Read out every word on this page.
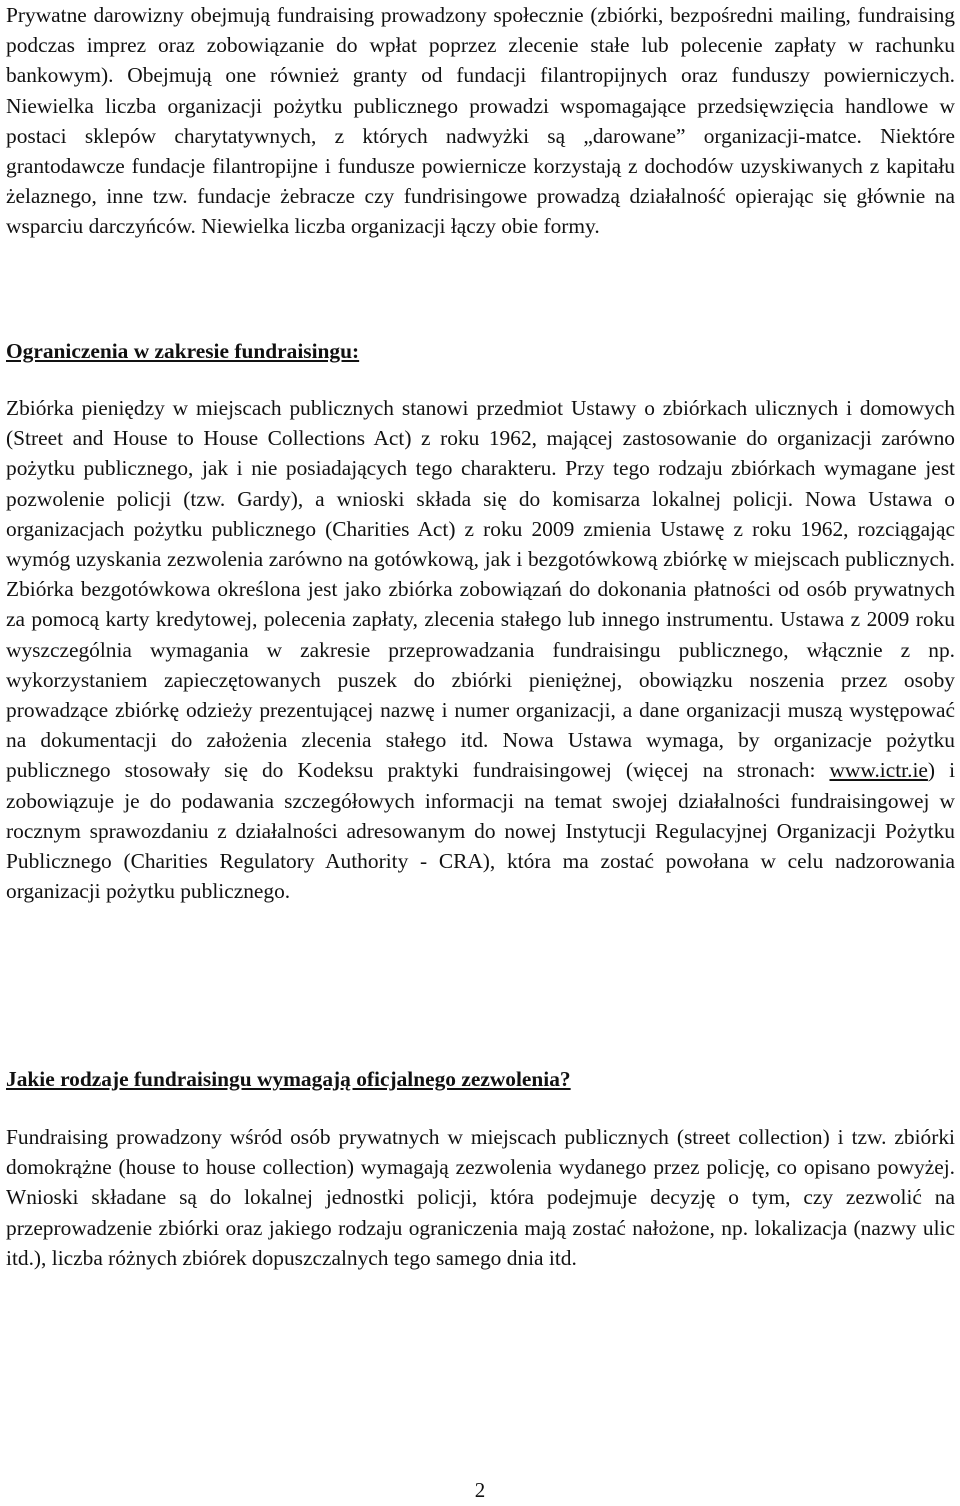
Prywatne darowizny obejmują fundraising prowadzony społecznie (zbiórki, bezpośredni mailing, fundraising podczas imprez oraz zobowiązanie do wpłat poprzez zlecenie stałe lub polecenie zapłaty w rachunku bankowym). Obejmują one również granty od fundacji filantropijnych oraz funduszy powierniczych. Niewielka liczba organizacji pożytku publicznego prowadzi wspomagające przedsięwzięcia handlowe w postaci sklepów charytatywnych, z których nadwyżki są „darowane” organizacji-matce. Niektóre grantodawcze fundacje filantropijne i fundusze powiernicze korzystają z dochodów uzyskiwanych z kapitału żelaznego, inne tzw. fundacje żebracze czy fundrisingowe prowadzą działalność opierając się głównie na wsparciu darczyńców. Niewielka liczba organizacji łączy obie formy.

Ograniczenia w zakresie fundraisingu:

Zbiórka pieniędzy w miejscach publicznych stanowi przedmiot Ustawy o zbiórkach ulicznych i domowych (Street and House to House Collections Act) z roku 1962, mającej zastosowanie do organizacji zarówno pożytku publicznego, jak i nie posiadających tego charakteru. Przy tego rodzaju zbiórkach wymagane jest pozwolenie policji (tzw. Gardy), a wnioski składa się do komisarza lokalnej policji. Nowa Ustawa o organizacjach pożytku publicznego (Charities Act) z roku 2009 zmienia Ustawę z roku 1962, rozciągając wymóg uzyskania zezwolenia zarówno na gotówkową, jak i bezgotówkową zbiórkę w miejscach publicznych. Zbiórka bezgotówkowa określona jest jako zbiórka zobowiązań do dokonania płatności od osób prywatnych za pomocą karty kredytowej, polecenia zapłaty, zlecenia stałego lub innego instrumentu. Ustawa z 2009 roku wyszczególnia wymagania w zakresie przeprowadzania fundraisingu publicznego, włącznie z np. wykorzystaniem zapieczętowanych puszek do zbiórki pieniężnej, obowiązku noszenia przez osoby prowadzące zbiórkę odzieży prezentującej nazwę i numer organizacji, a dane organizacji muszą występować na dokumentacji do założenia zlecenia stałego itd. Nowa Ustawa wymaga, by organizacje pożytku publicznego stosowały się do Kodeksu praktyki fundraisingowej (więcej na stronach: www.ictr.ie) i zobowiązuje je do podawania szczegółowych informacji na temat swojej działalności fundraisingowej w rocznym sprawozdaniu z działalności adresowanym do nowej Instytucji Regulacyjnej Organizacji Pożytku Publicznego (Charities Regulatory Authority - CRA), która ma zostać powołana w celu nadzorowania organizacji pożytku publicznego.

Jakie rodzaje fundraisingu wymagają oficjalnego zezwolenia?

Fundraising prowadzony wśród osób prywatnych w miejscach publicznych (street collection) i tzw. zbiórki domokrążne (house to house collection) wymagają zezwolenia wydanego przez policję, co opisano powyżej. Wnioski składane są do lokalnej jednostki policji, która podejmuje decyzję o tym, czy zezwolić na przeprowadzenie zbiórki oraz jakiego rodzaju ograniczenia mają zostać nałożone, np. lokalizacja (nazwy ulic itd.), liczba różnych zbiórek dopuszczalnych tego samego dnia itd.

2
